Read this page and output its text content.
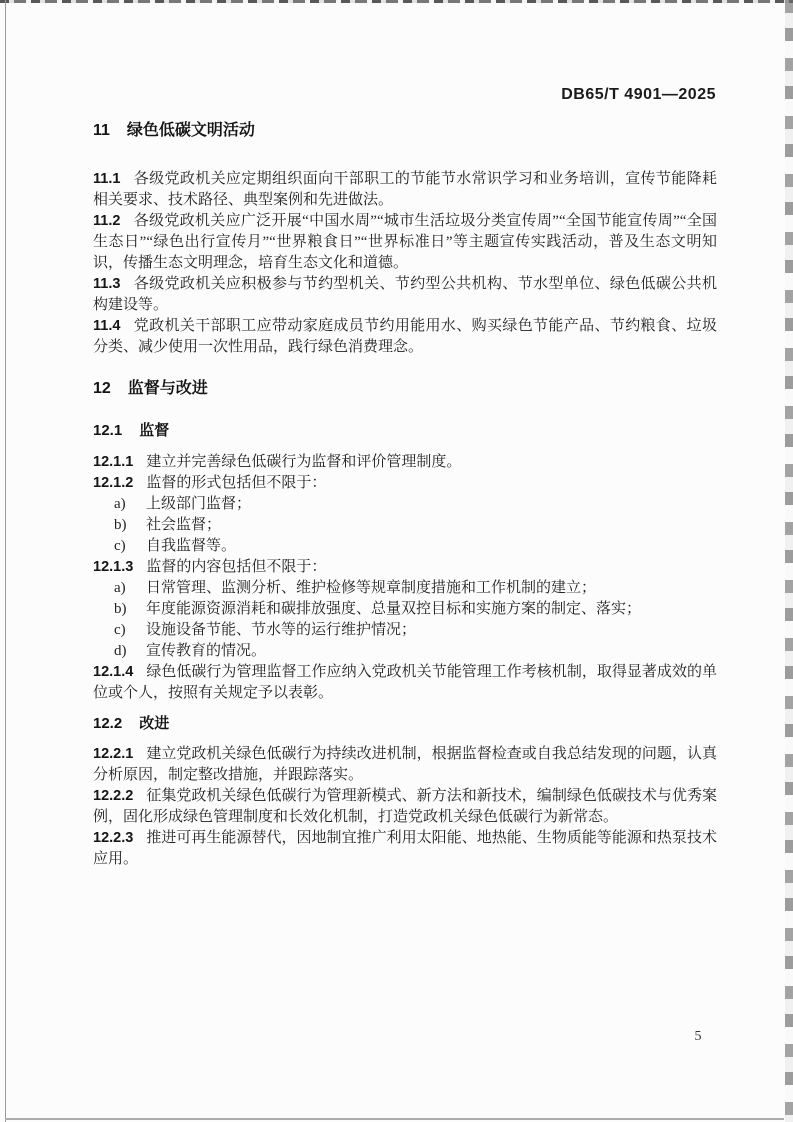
DB65/T 4901—2025
11 绿色低碳文明活动
11.1 各级党政机关应定期组织面向干部职工的节能节水常识学习和业务培训，宣传节能降耗相关要求、技术路径、典型案例和先进做法。
11.2 各级党政机关应广泛开展“中国水周”“城市生活垃圾分类宣传周”“全国节能宣传周”“全国生态日”“绿色出行宣传月”“世界粮食日”“世界标准日”等主题宣传实践活动，普及生态文明知识，传播生态文明理念，培育生态文化和道德。
11.3 各级党政机关应积极参与节约型机关、节约型公共机构、节水型单位、绿色低碳公共机构建设等。
11.4 党政机关干部职工应带动家庭成员节约用能用水、购买绿色节能产品、节约粮食、垃圾分类、减少使用一次性用品，践行绿色消费理念。
12 监督与改进
12.1 监督
12.1.1 建立并完善绿色低碳行为监督和评价管理制度。
12.1.2 监督的形式包括但不限于：
a) 上级部门监督；
b) 社会监督；
c) 自我监督等。
12.1.3 监督的内容包括但不限于：
a) 日常管理、监测分析、维护检修等规章制度措施和工作机制的建立；
b) 年度能源资源消耗和碳排放强度、总量双控目标和实施方案的制定、落实；
c) 设施设备节能、节水等的运行维护情况；
d) 宣传教育的情况。
12.1.4 绿色低碳行为管理监督工作应纳入党政机关节能管理工作考核机制，取得显著成效的单位或个人，按照有关规定予以表彰。
12.2 改进
12.2.1 建立党政机关绿色低碳行为持续改进机制，根据监督检查或自我总结发现的问题，认真分析原因，制定整改措施，并跟踪落实。
12.2.2 征集党政机关绿色低碳行为管理新模式、新方法和新技术，编制绿色低碳技术与优秀案例，固化形成绿色管理制度和长效化机制，打造党政机关绿色低碳行为新常态。
12.2.3 推进可再生能源替代，因地制宜推广利用太阳能、地热能、生物质能等能源和热泵技术应用。
5
